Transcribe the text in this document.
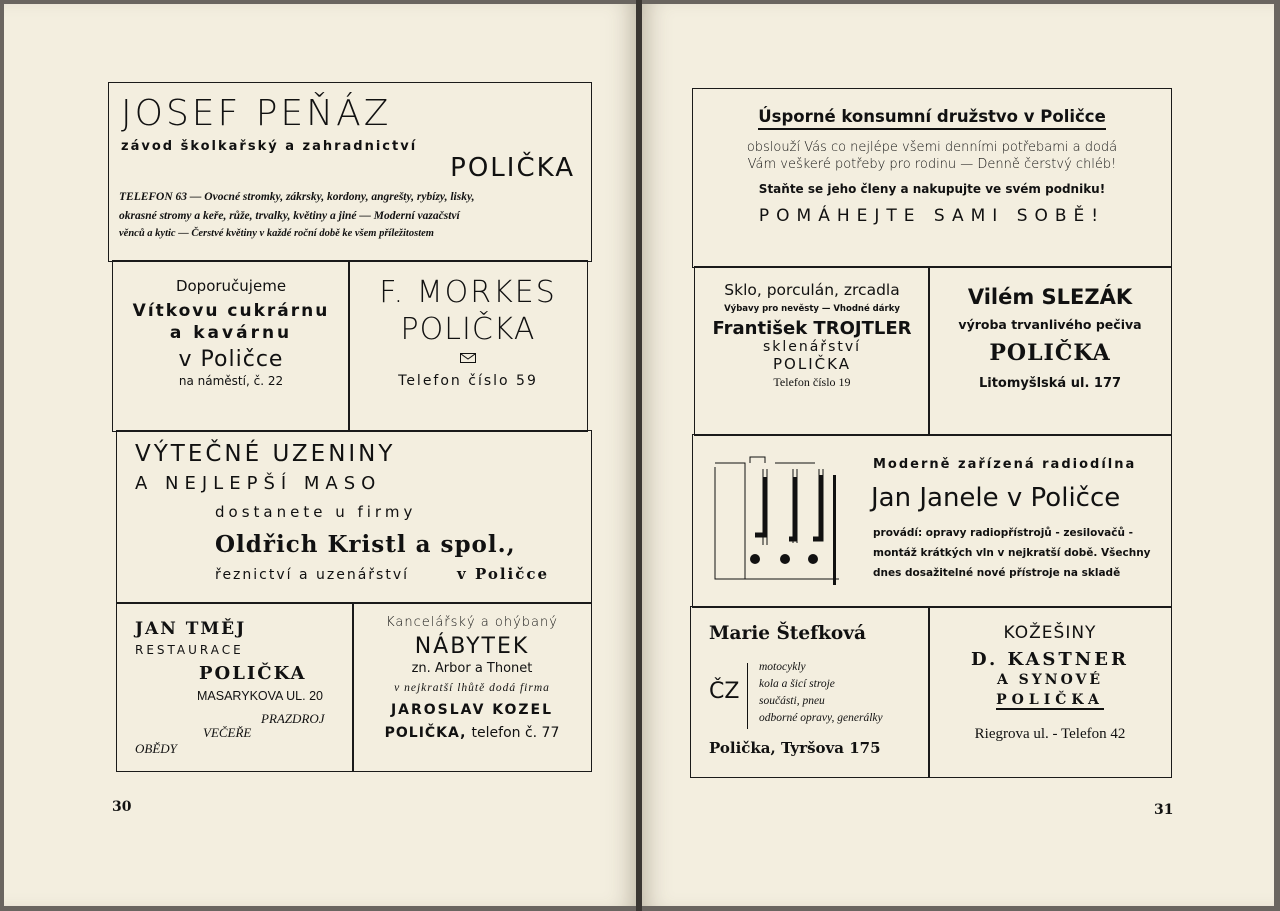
JOSEF PEŇÁZ
závod školkařský a zahradnictví
POLIČKA
TELEFON 63 — Ovocné stromky, zákrsky, kordony, angrešty, rybízy, lisky,
okrasné stromy a keře, růže, trvalky, květiny a jiné — Moderní vazačství
věnců a kytic — Čerstvé květiny v každé roční době ke všem příležitostem
Doporučujeme
Vítkovu cukrárnu
a kavárnu
v Poličce
na náměstí, č. 22
F. MORKES
POLIČKA
Telefon číslo 59
VÝTEČNÉ UZENINY
A NEJLEPŠÍ MASO
dostanete u firmy
Oldřich Kristl a spol.,
řeznictví a uzenářství	v Poličce
JAN TMĚJ
RESTAURACE
POLIČKA
MASARYKOVA UL. 20
PRAZDROJ
VEČEŘE
OBĚDY
Kancelářský a ohýbaný
NÁBYTEK
zn. Arbor a Thonet
v nejkratší lhůtě dodá firma
JAROSLAV KOZEL
POLIČKA, telefon č. 77
30
Úsporné konsumní družstvo v Poličce
obslouží Vás co nejlépe všemi denními potřebami a dodá
Vám veškeré potřeby pro rodinu — Denně čerstvý chléb!
Staňte se jeho členy a nakupujte ve svém podniku!
POMÁHEJTE SAMI SOBĚ!
Sklo, porculán, zrcadla
Výbavy pro nevěsty — Vhodné dárky
František TROJTLER
sklenářství
POLIČKA
Telefon číslo 19
Vilém SLEZÁK
výroba trvanlivého pečiva
POLIČKA
Litomyšlská ul. 177
Moderně zařízená radiodílna
Jan Janele v Poličce
provádí: opravy radiopřístrojů - zesilovačů -
montáž krátkých vln v nejkratší době. Všechny
dnes dosažitelné nové přístroje na skladě
Marie Štefková
ČZ
motocykly
kola a šicí stroje
součásti, pneu
odborné opravy, generálky
Polička, Tyršova 175
KOŽEŠINY
D. KASTNER
A SYNOVÉ
POLIČKA
Riegrova ul. - Telefon 42
31
